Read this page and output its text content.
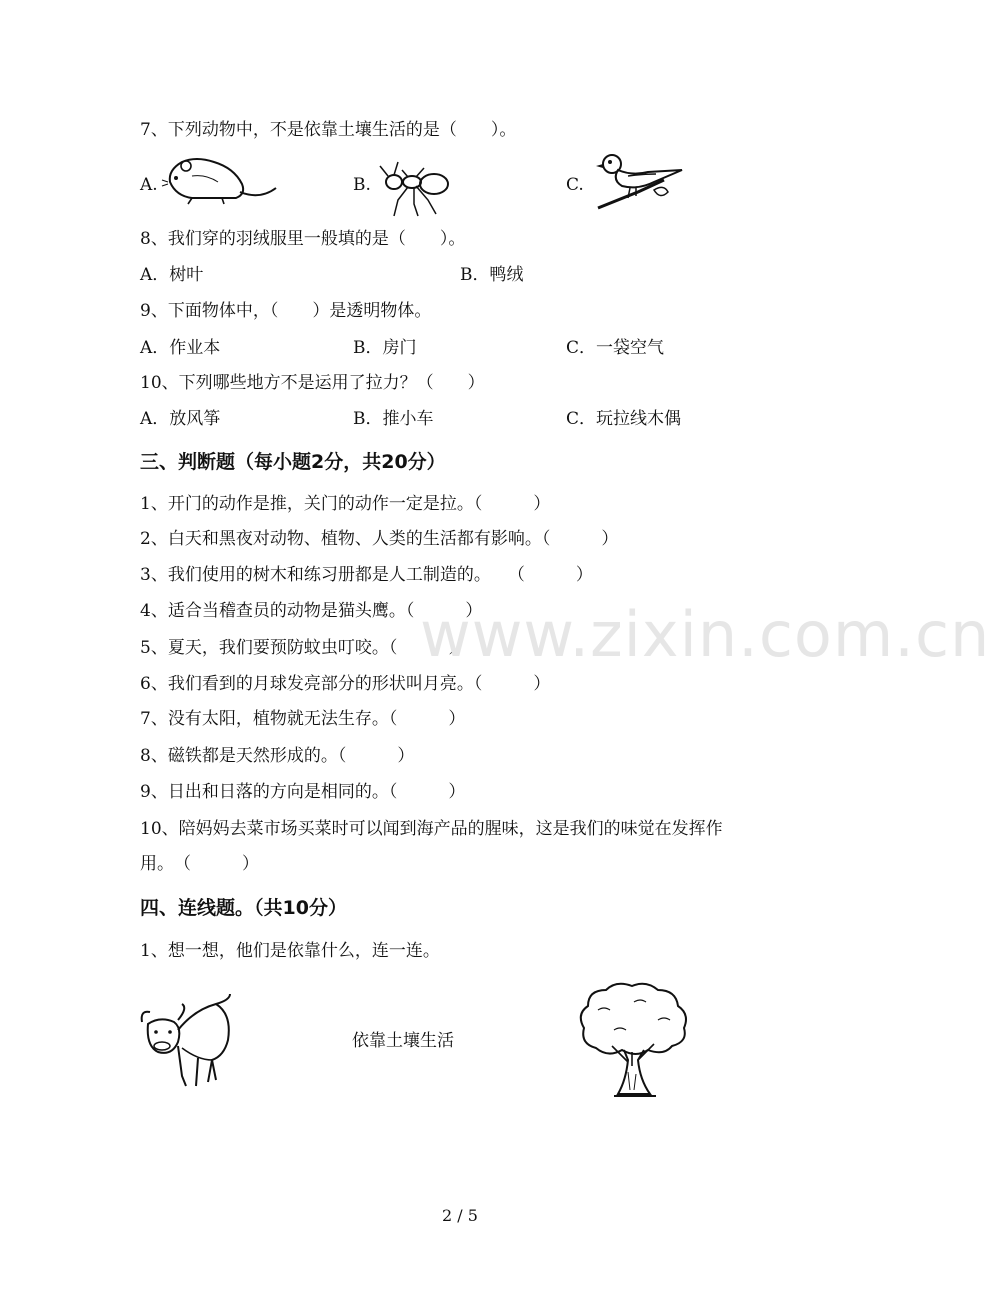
7、下列动物中，不是依靠土壤生活的是（　　）。
A.	B.	C.
8、我们穿的羽绒服里一般填的是（　　）。
A．树叶	B．鸭绒
9、下面物体中，（　　）是透明物体。
A．作业本	B．房门	C．一袋空气
10、下列哪些地方不是运用了拉力？（　　）
A．放风筝	B．推小车	C．玩拉线木偶
三、判断题（每小题2分，共20分）
1、开门的动作是推，关门的动作一定是拉。（　　　）
2、白天和黑夜对动物、植物、人类的生活都有影响。（　　　）
3、我们使用的树木和练习册都是人工制造的。　　（　　　）
4、适合当稽查员的动物是猫头鹰。（　　　）
5、夏天，我们要预防蚊虫叮咬。（　　　）
6、我们看到的月球发亮部分的形状叫月亮。（　　　）
7、没有太阳，植物就无法生存。（　　　）
8、磁铁都是天然形成的。（　　　）
9、日出和日落的方向是相同的。（　　　）
10、陪妈妈去菜市场买菜时可以闻到海产品的腥味，这是我们的味觉在发挥作
用。　（　　　）
www.zixin.com.cn
四、连线题。（共10分）
1、想一想，他们是依靠什么，连一连。
依靠土壤生活
2 / 5
